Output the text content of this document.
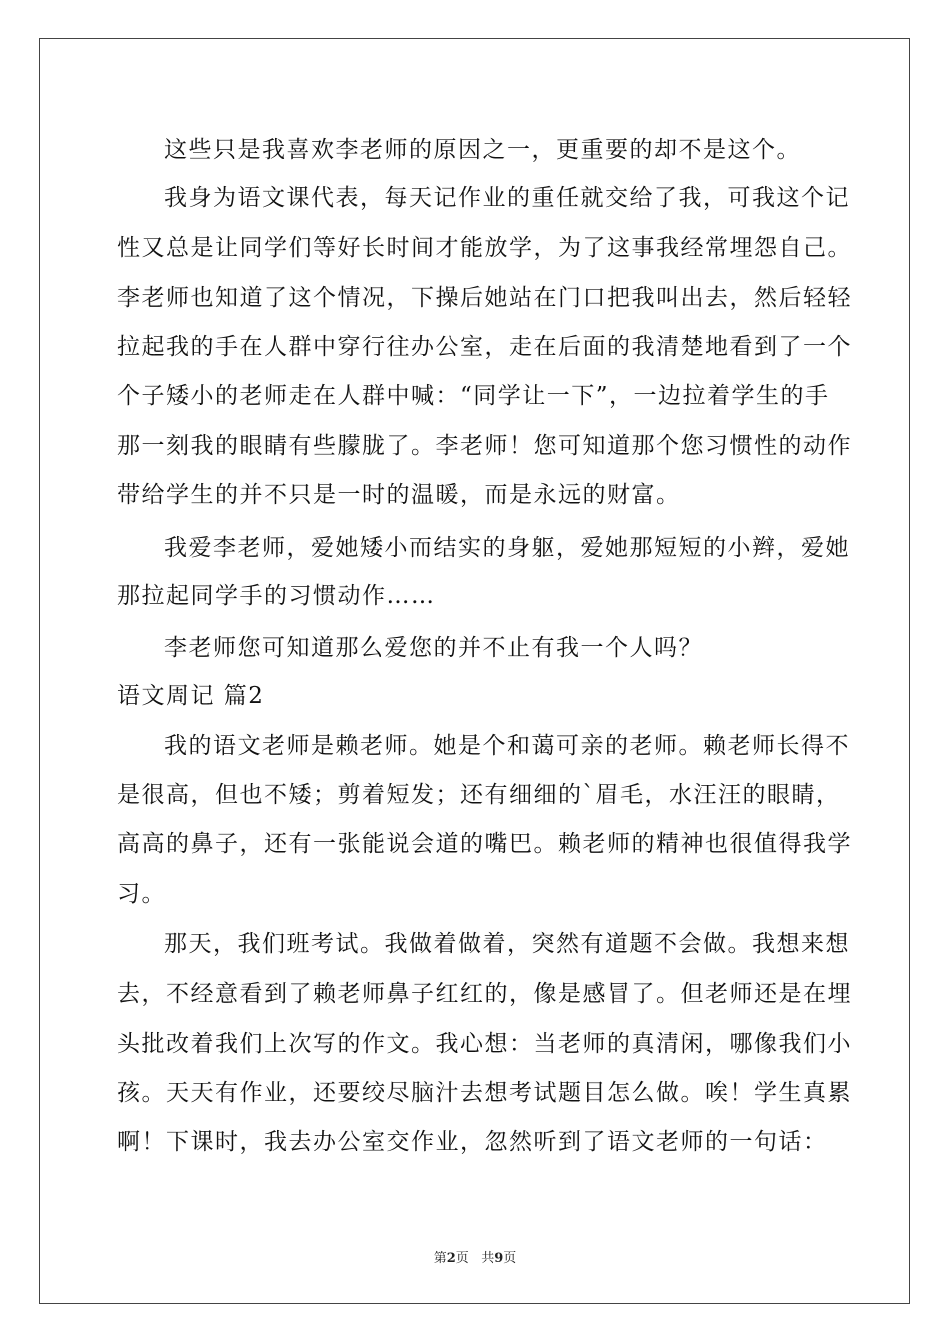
这些只是我喜欢李老师的原因之一，更重要的却不是这个。

我身为语文课代表，每天记作业的重任就交给了我，可我这个记

性又总是让同学们等好长时间才能放学，为了这事我经常埋怨自己。

李老师也知道了这个情况，下操后她站在门口把我叫出去，然后轻轻

拉起我的手在人群中穿行往办公室，走在后面的我清楚地看到了一个

个子矮小的老师走在人群中喊：“同学让一下”，一边拉着学生的手

那一刻我的眼睛有些朦胧了。李老师！您可知道那个您习惯性的动作

带给学生的并不只是一时的温暖，而是永远的财富。

我爱李老师，爱她矮小而结实的身躯，爱她那短短的小辫，爱她

那拉起同学手的习惯动作……

李老师您可知道那么爱您的并不止有我一个人吗？

语文周记 篇2

我的语文老师是赖老师。她是个和蔼可亲的老师。赖老师长得不

是很高，但也不矮；剪着短发；还有细细的`眉毛，水汪汪的眼睛，

高高的鼻子，还有一张能说会道的嘴巴。赖老师的精神也很值得我学

习。

那天，我们班考试。我做着做着，突然有道题不会做。我想来想

去，不经意看到了赖老师鼻子红红的，像是感冒了。但老师还是在埋

头批改着我们上次写的作文。我心想：当老师的真清闲，哪像我们小

孩。天天有作业，还要绞尽脑汁去想考试题目怎么做。唉！学生真累

啊！下课时，我去办公室交作业，忽然听到了语文老师的一句话：

第2页 共9页
